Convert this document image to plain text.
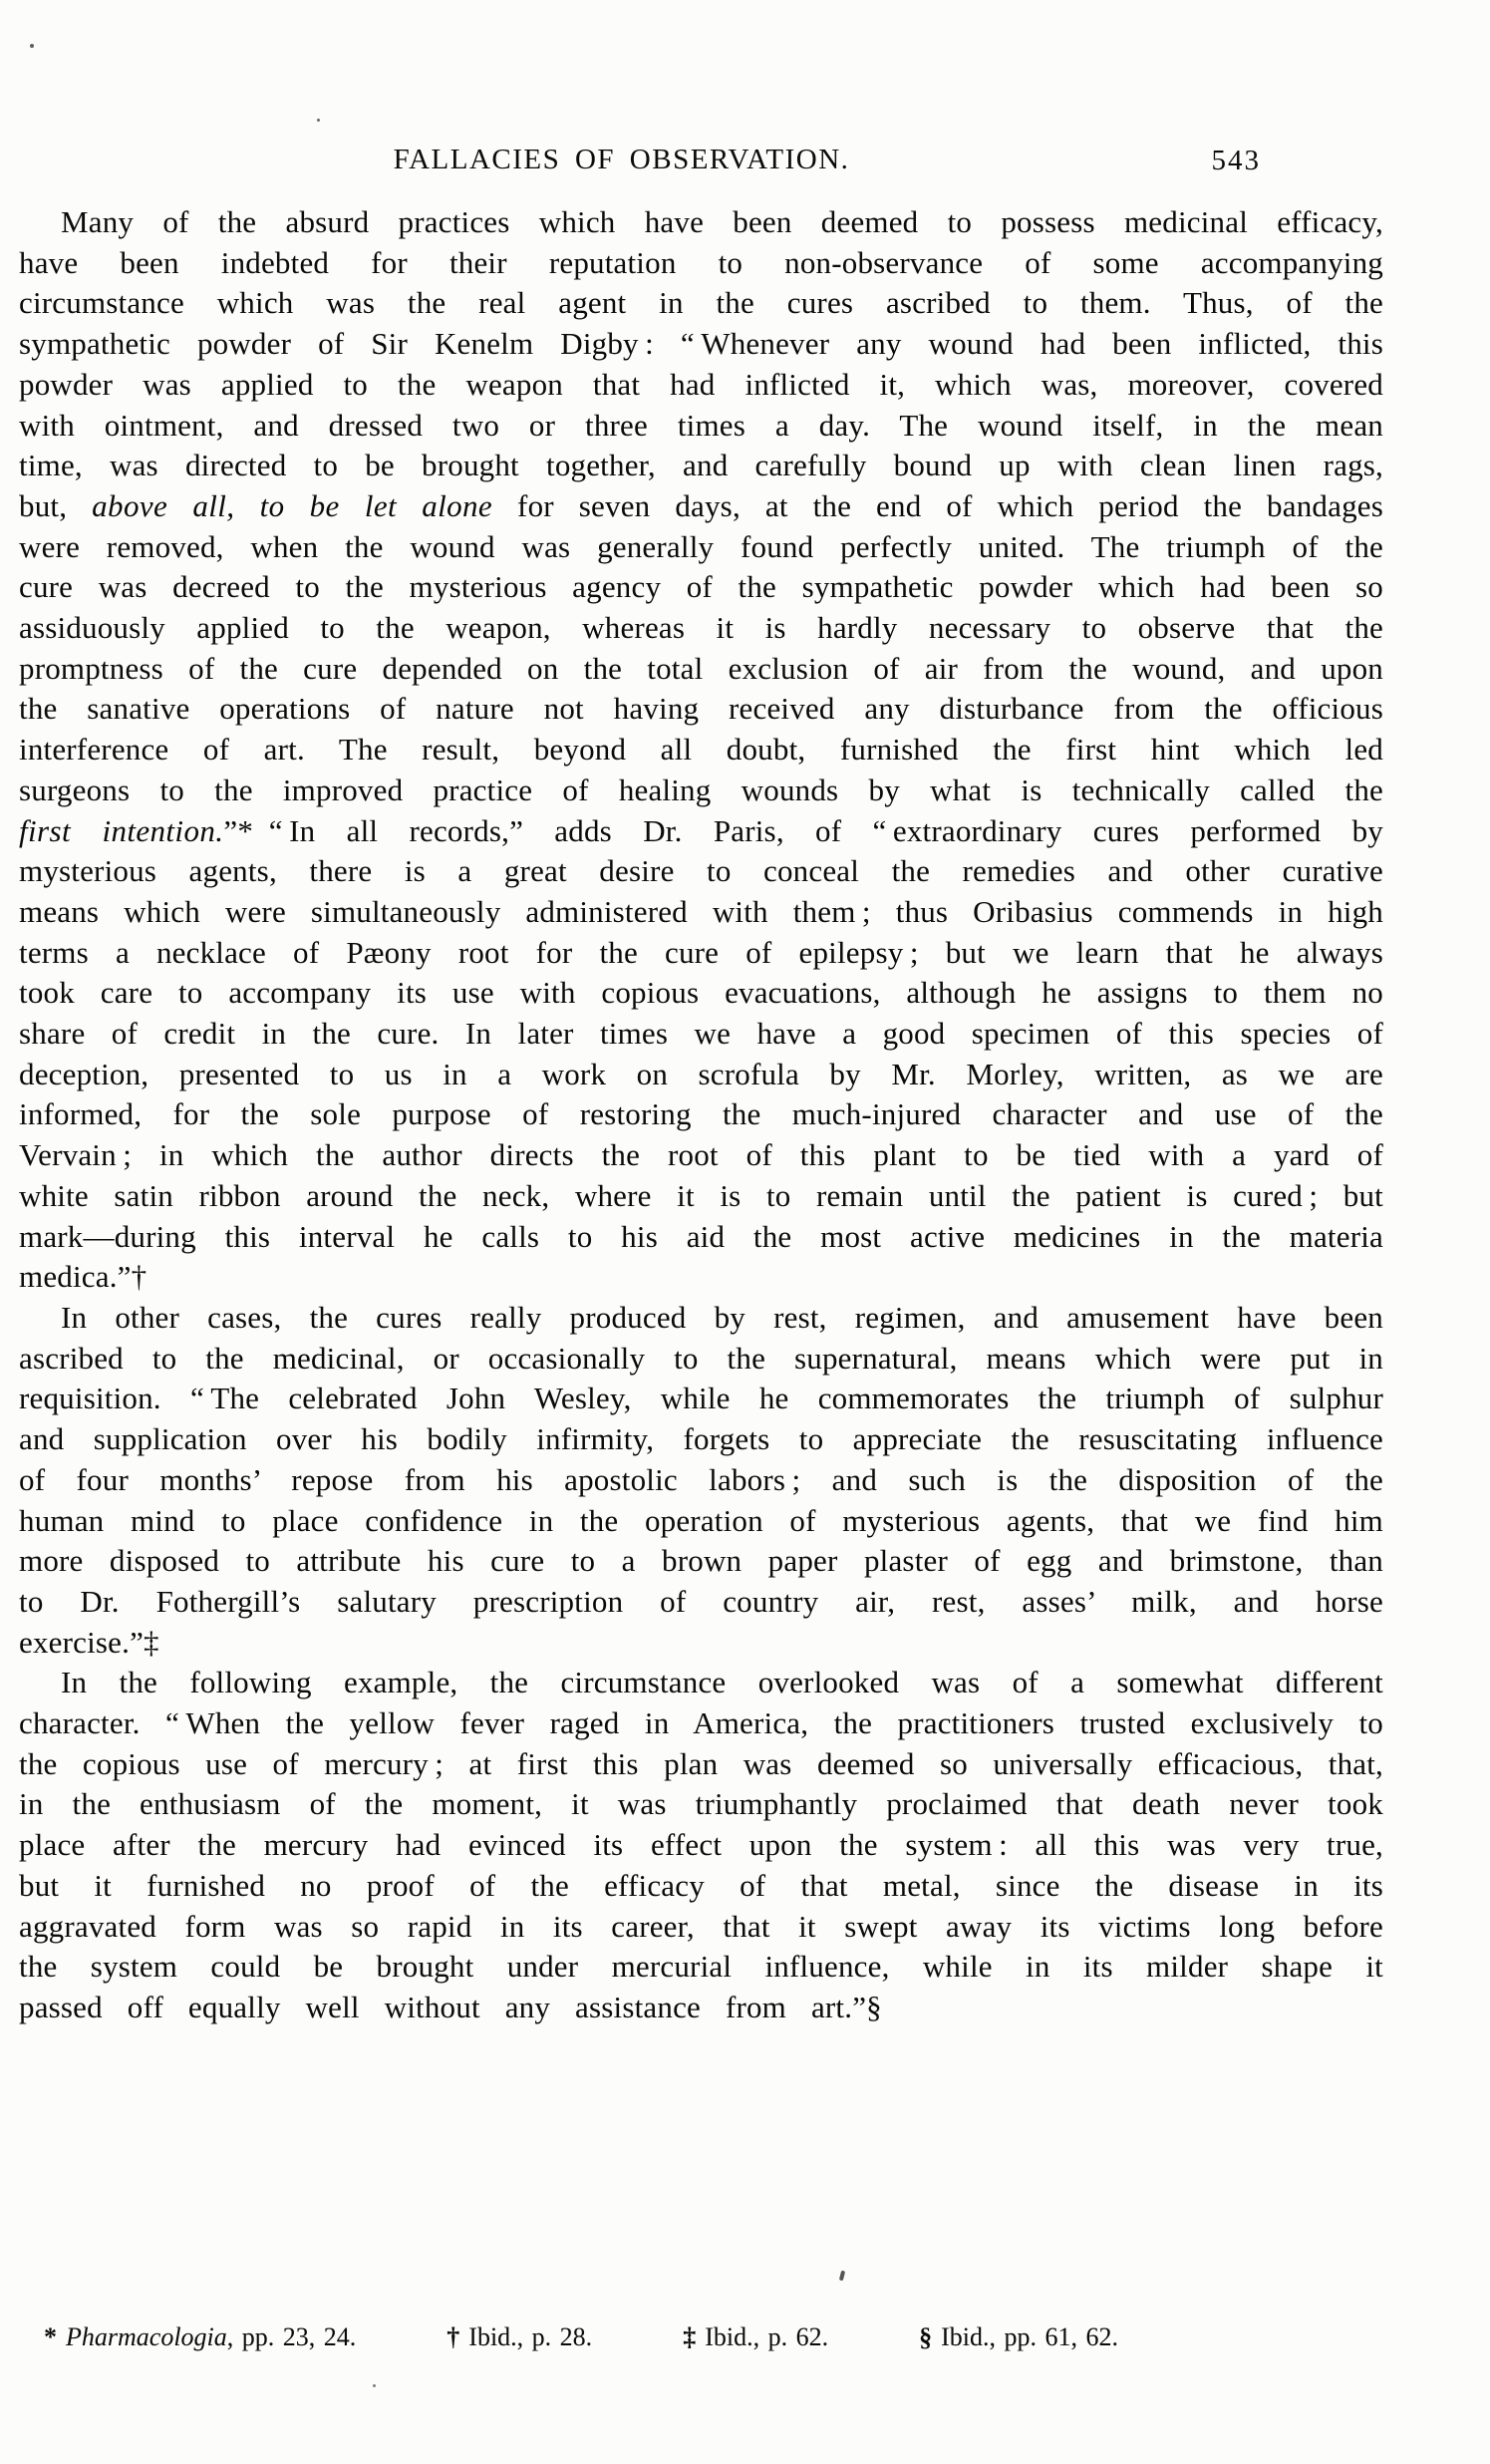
FALLACIES OF OBSERVATION.	543

Many of the absurd practices which have been deemed to possess medicinal efficacy, have been indebted for their reputation to non-observance of some accompanying circumstance which was the real agent in the cures ascribed to them. Thus, of the sympathetic powder of Sir Kenelm Digby : “ Whenever any wound had been inflicted, this powder was applied to the weapon that had inflicted it, which was, moreover, covered with ointment, and dressed two or three times a day. The wound itself, in the mean time, was directed to be brought together, and carefully bound up with clean linen rags, but, above all, to be let alone for seven days, at the end of which period the bandages were removed, when the wound was generally found perfectly united. The triumph of the cure was decreed to the mysterious agency of the sympathetic powder which had been so assiduously applied to the weapon, whereas it is hardly necessary to observe that the promptness of the cure depended on the total exclusion of air from the wound, and upon the sanative operations of nature not having received any disturbance from the officious interference of art. The result, beyond all doubt, furnished the first hint which led surgeons to the improved practice of healing wounds by what is technically called the first intention.”* “ In all records,” adds Dr. Paris, of “ extraordinary cures performed by mysterious agents, there is a great desire to conceal the remedies and other curative means which were simultaneously administered with them ; thus Oribasius commends in high terms a necklace of Pæony root for the cure of epilepsy ; but we learn that he always took care to accompany its use with copious evacuations, although he assigns to them no share of credit in the cure. In later times we have a good specimen of this species of deception, presented to us in a work on scrofula by Mr. Morley, written, as we are informed, for the sole purpose of restoring the much-injured character and use of the Vervain ; in which the author directs the root of this plant to be tied with a yard of white satin ribbon around the neck, where it is to remain until the patient is cured ; but mark—during this interval he calls to his aid the most active medicines in the materia medica.”†

In other cases, the cures really produced by rest, regimen, and amusement have been ascribed to the medicinal, or occasionally to the supernatural, means which were put in requisition. “ The celebrated John Wesley, while he commemorates the triumph of sulphur and supplication over his bodily infirmity, forgets to appreciate the resuscitating influence of four months’ repose from his apostolic labors ; and such is the disposition of the human mind to place confidence in the operation of mysterious agents, that we find him more disposed to attribute his cure to a brown paper plaster of egg and brimstone, than to Dr. Fothergill’s salutary prescription of country air, rest, asses’ milk, and horse exercise.”‡

In the following example, the circumstance overlooked was of a somewhat different character. “ When the yellow fever raged in America, the practitioners trusted exclusively to the copious use of mercury ; at first this plan was deemed so universally efficacious, that, in the enthusiasm of the moment, it was triumphantly proclaimed that death never took place after the mercury had evinced its effect upon the system : all this was very true, but it furnished no proof of the efficacy of that metal, since the disease in its aggravated form was so rapid in its career, that it swept away its victims long before the system could be brought under mercurial influence, while in its milder shape it passed off equally well without any assistance from art.”§

* Pharmacologia, pp. 23, 24.	† Ibid., p. 28.	‡ Ibid., p. 62.	§ Ibid., pp. 61, 62.
